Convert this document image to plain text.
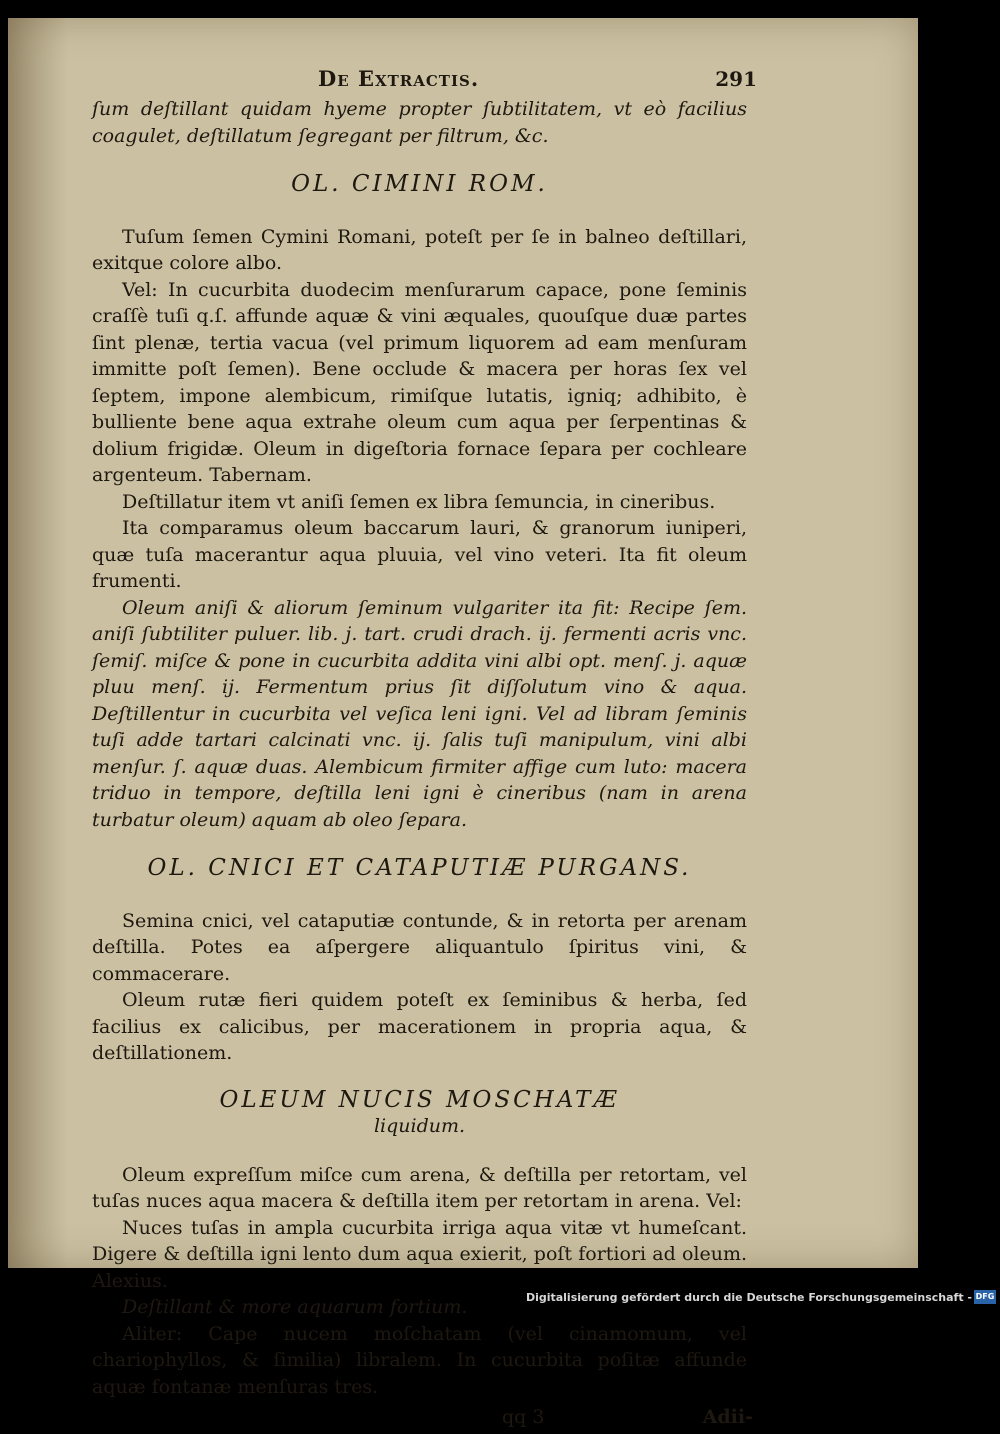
De Extractis.	291

ſum deſtillant quidam hyeme propter ſubtilitatem, vt eò facilius coagulet, deſtillatum ſegregant per filtrum, &c.

OL. CIMINI ROM.

Tuſum ſemen Cymini Romani, poteſt per ſe in balneo deſtillari, exitque colore albo.

Vel: In cucurbita duodecim menſurarum capace, pone ſeminis craſſè tuſi q.ſ. affunde aquæ & vini æquales, quouſque duæ partes ſint plenæ, tertia vacua (vel primum liquorem ad eam menſuram immitte poſt ſemen). Bene occlude & macera per horas ſex vel ſeptem, impone alembicum, rimiſque lutatis, igniq; adhibito, è bulliente bene aqua extrahe oleum cum aqua per ſerpentinas & dolium frigidæ. Oleum in digeſtoria fornace ſepara per cochleare argenteum. Tabernam.

Deſtillatur item vt aniſi ſemen ex libra ſemuncia, in cineribus.

Ita comparamus oleum baccarum lauri, & granorum iuniperi, quæ tuſa macerantur aqua pluuia, vel vino veteri. Ita fit oleum frumenti.

Oleum aniſi & aliorum ſeminum vulgariter ita fit: Recipe ſem. aniſi ſubtiliter puluer. lib. j. tart. crudi drach. ij. fermenti acris vnc. ſemiſ. miſce & pone in cucurbita addita vini albi opt. menſ. j. aquæ pluu menſ. ij. Fermentum prius ſit diſſolutum vino & aqua. Deſtillentur in cucurbita vel veſica leni igni. Vel ad libram ſeminis tuſi adde tartari calcinati vnc. ij. ſalis tuſi manipulum, vini albi menſur. ſ. aquæ duas. Alembicum firmiter affige cum luto: macera triduo in tempore, deſtilla leni igni è cineribus (nam in arena turbatur oleum) aquam ab oleo ſepara.

OL. CNICI ET CATAPUTIÆ PURGANS.

Semina cnici, vel cataputiæ contunde, & in retorta per arenam deſtilla. Potes ea aſpergere aliquantulo ſpiritus vini, & commacerare.

Oleum rutæ fieri quidem poteſt ex ſeminibus & herba, ſed facilius ex calicibus, per macerationem in propria aqua, & deſtillationem.

OLEUM NUCIS MOSCHATÆ
liquidum.

Oleum expreſſum miſce cum arena, & deſtilla per retortam, vel tuſas nuces aqua macera & deſtilla item per retortam in arena. Vel:

Nuces tuſas in ampla cucurbita irriga aqua vitæ vt humeſcant. Digere & deſtilla igni lento dum aqua exierit, poſt fortiori ad oleum. Alexius.

Deſtillant & more aquarum fortium.

Aliter: Cape nucem moſchatam (vel cinamomum, vel chariophyllos, & ſimilia) libralem. In cucurbita poſitæ affunde aquæ fontanæ menſuras tres.

qq 3	Adii-
Digitalisierung gefördert durch die Deutsche Forschungsgemeinschaft - DFG
